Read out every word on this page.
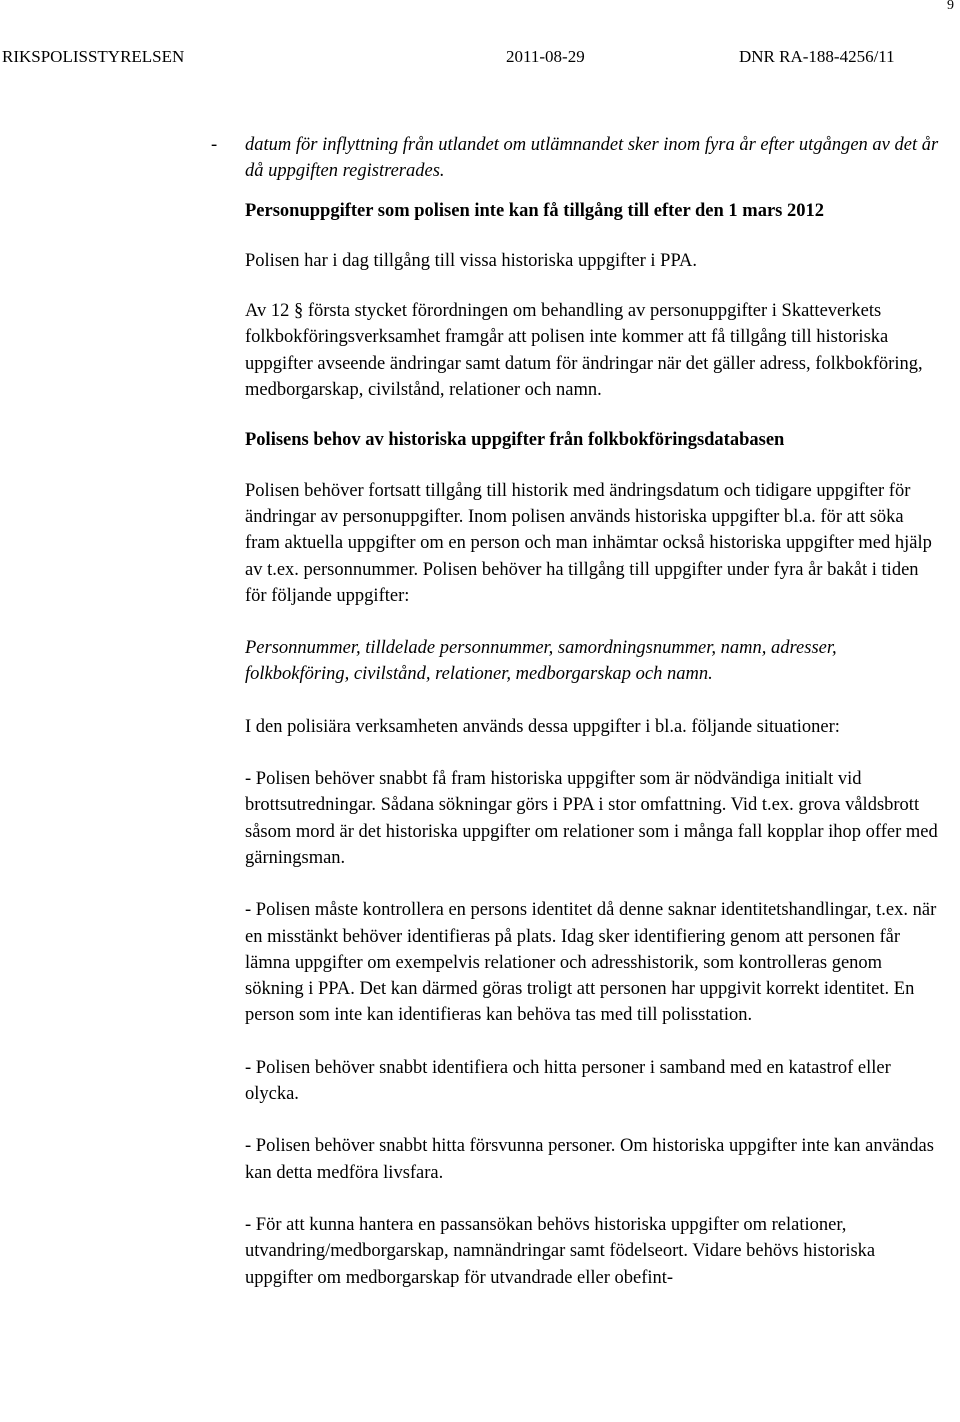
9
RIKSPOLISSTYRELSEN	2011-08-29	DNR RA-188-4256/11
- datum för inflyttning från utlandet om utlämnandet sker inom fyra år efter utgången av det år då uppgiften registrerades.

Personuppgifter som polisen inte kan få tillgång till efter den 1 mars 2012

Polisen har i dag tillgång till vissa historiska uppgifter i PPA.

Av 12 § första stycket förordningen om behandling av personuppgifter i Skatteverkets folkbokföringsverksamhet framgår att polisen inte kommer att få tillgång till historiska uppgifter avseende ändringar samt datum för ändringar när det gäller adress, folkbokföring, medborgarskap, civilstånd, relationer och namn.

Polisens behov av historiska uppgifter från folkbokföringsdatabasen

Polisen behöver fortsatt tillgång till historik med ändringsdatum och tidigare uppgifter för ändringar av personuppgifter. Inom polisen används historiska uppgifter bl.a. för att söka fram aktuella uppgifter om en person och man inhämtar också historiska uppgifter med hjälp av t.ex. personnummer. Polisen behöver ha tillgång till uppgifter under fyra år bakåt i tiden för följande uppgifter:

Personnummer, tilldelade personnummer, samordningsnummer, namn, adresser, folkbokföring, civilstånd, relationer, medborgarskap och namn.

I den polisiära verksamheten används dessa uppgifter i bl.a. följande situationer:

- Polisen behöver snabbt få fram historiska uppgifter som är nödvändiga initialt vid brottsutredningar. Sådana sökningar görs i PPA i stor omfattning. Vid t.ex. grova våldsbrott såsom mord är det historiska uppgifter om relationer som i många fall kopplar ihop offer med gärningsman.

- Polisen måste kontrollera en persons identitet då denne saknar identitetshandlingar, t.ex. när en misstänkt behöver identifieras på plats. Idag sker identifiering genom att personen får lämna uppgifter om exempelvis relationer och adresshistorik, som kontrolleras genom sökning i PPA. Det kan därmed göras troligt att personen har uppgivit korrekt identitet. En person som inte kan identifieras kan behöva tas med till polisstation.

- Polisen behöver snabbt identifiera och hitta personer i samband med en katastrof eller olycka.

- Polisen behöver snabbt hitta försvunna personer. Om historiska uppgifter inte kan användas kan detta medföra livsfara.

- För att kunna hantera en passansökan behövs historiska uppgifter om relationer, utvandring/medborgarskap, namnändringar samt födelseort. Vidare behövs historiska uppgifter om medborgarskap för utvandrade eller obefint-
